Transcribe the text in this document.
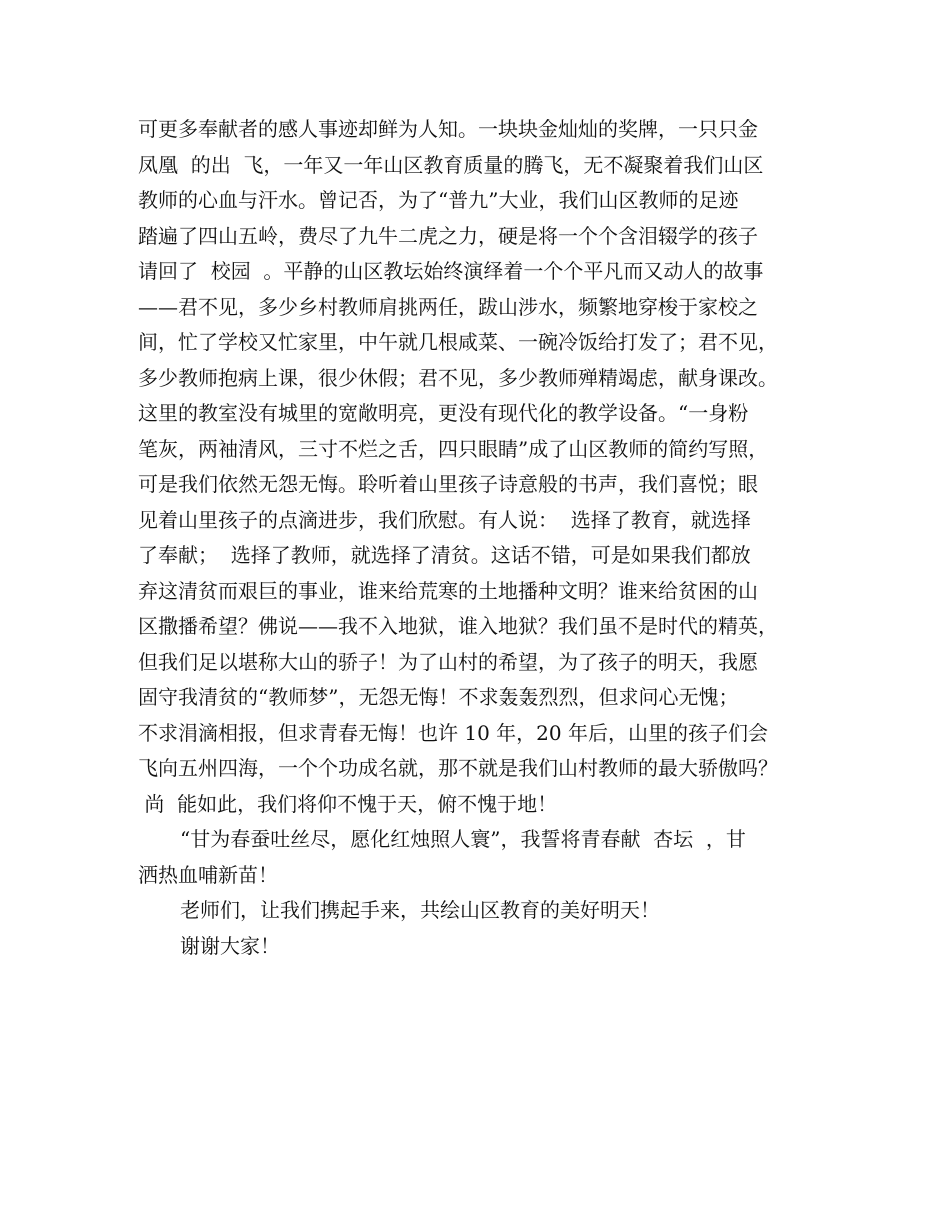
可更多奉献者的感人事迹却鲜为人知。一块块金灿灿的奖牌，一只只金
凤凰  的出  飞，一年又一年山区教育质量的腾飞，无不凝聚着我们山区
教师的心血与汗水。曾记否，为了“普九”大业，我们山区教师的足迹
踏遍了四山五岭，费尽了九牛二虎之力，硬是将一个个含泪辍学的孩子
请回了  校园  。平静的山区教坛始终演绎着一个个平凡而又动人的故事
——君不见，多少乡村教师肩挑两任，跋山涉水，频繁地穿梭于家校之
间，忙了学校又忙家里，中午就几根咸菜、一碗冷饭给打发了；君不见，
多少教师抱病上课，很少休假；君不见，多少教师殚精竭虑，献身课改。
这里的教室没有城里的宽敞明亮，更没有现代化的教学设备。“一身粉
笔灰，两袖清风，三寸不烂之舌，四只眼睛”成了山区教师的简约写照，
可是我们依然无怨无悔。聆听着山里孩子诗意般的书声，我们喜悦；眼
见着山里孩子的点滴进步，我们欣慰。有人说：  选择了教育，就选择
了奉献；  选择了教师，就选择了清贫。这话不错，可是如果我们都放
弃这清贫而艰巨的事业，谁来给荒寒的土地播种文明？谁来给贫困的山
区撒播希望？佛说——我不入地狱，谁入地狱？我们虽不是时代的精英，
但我们足以堪称大山的骄子！为了山村的希望，为了孩子的明天，我愿
固守我清贫的“教师梦”，无怨无悔！不求轰轰烈烈，但求问心无愧；
不求涓滴相报，但求青春无悔！也许 10 年，20 年后，山里的孩子们会
飞向五州四海，一个个功成名就，那不就是我们山村教师的最大骄傲吗？
尚  能如此，我们将仰不愧于天，俯不愧于地！
“甘为春蚕吐丝尽，愿化红烛照人寰”，我誓将青春献  杏坛  ，甘
洒热血哺新苗！
老师们，让我们携起手来，共绘山区教育的美好明天！
谢谢大家！
